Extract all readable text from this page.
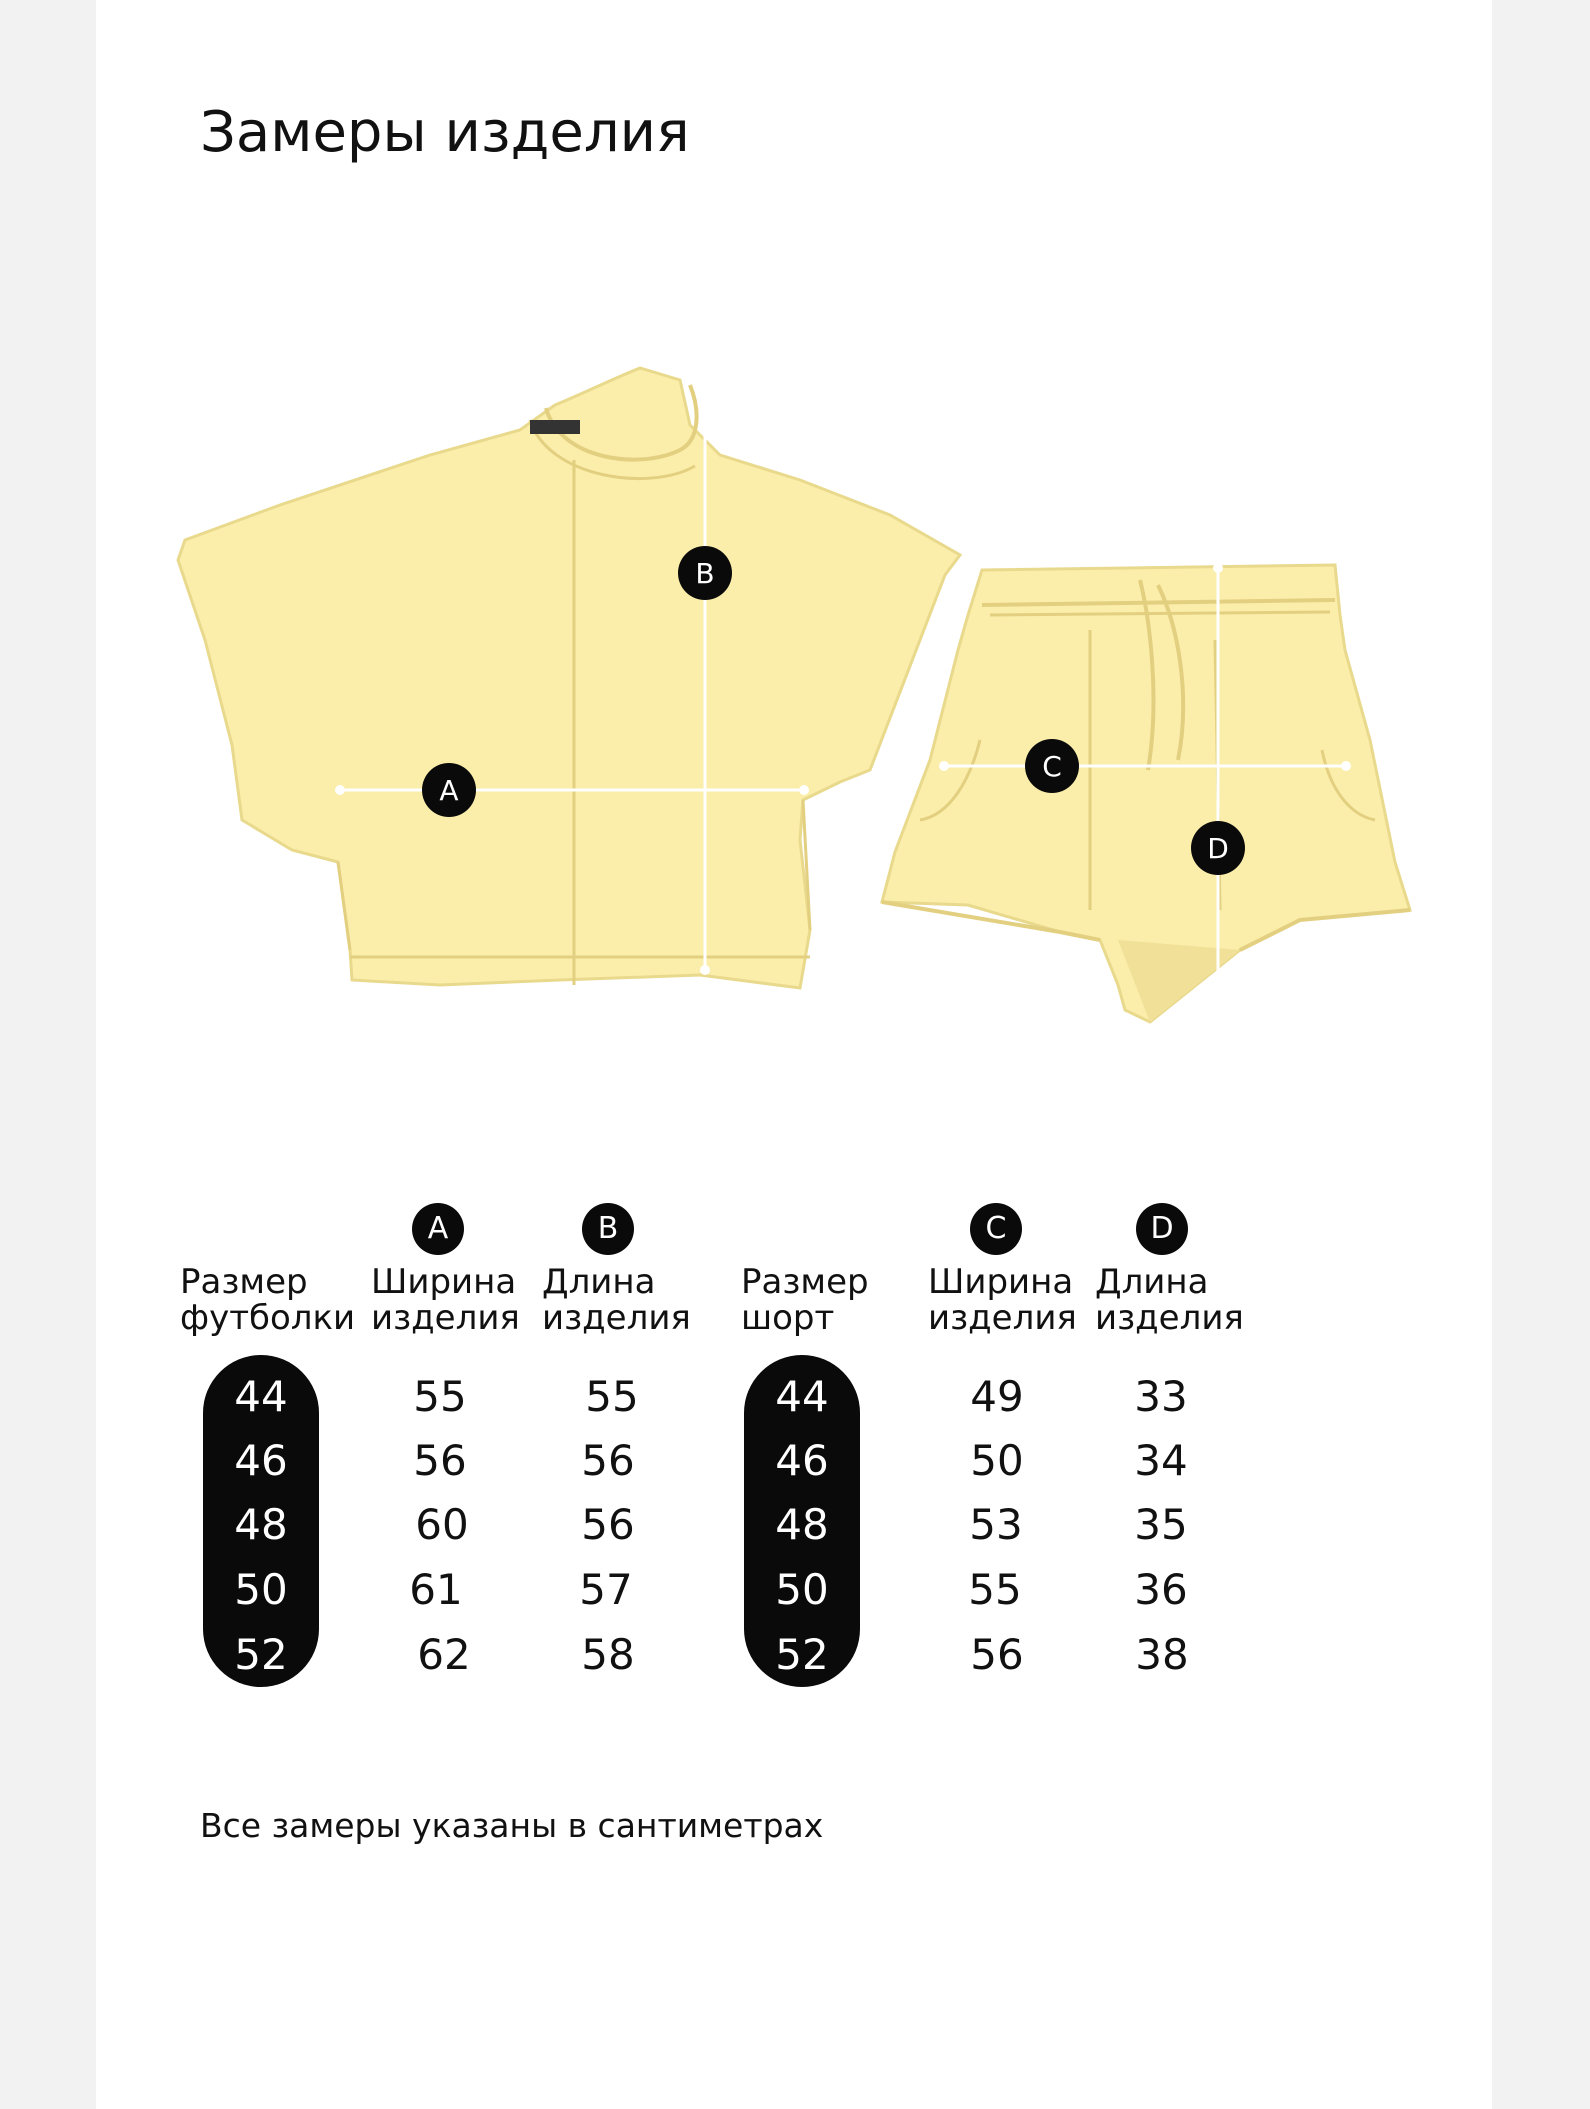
Замеры изделия
A
B
C
D
Размер
футболки
A
Ширина
изделия
B
Длина
изделия
44
46
48
50
52
55
56
60
61
62
55
56
56
57
58
Размер
шорт
C
Ширина
изделия
D
Длина
изделия
44
46
48
50
52
49
50
53
55
56
33
34
35
36
38
Все замеры указаны в сантиметрах
